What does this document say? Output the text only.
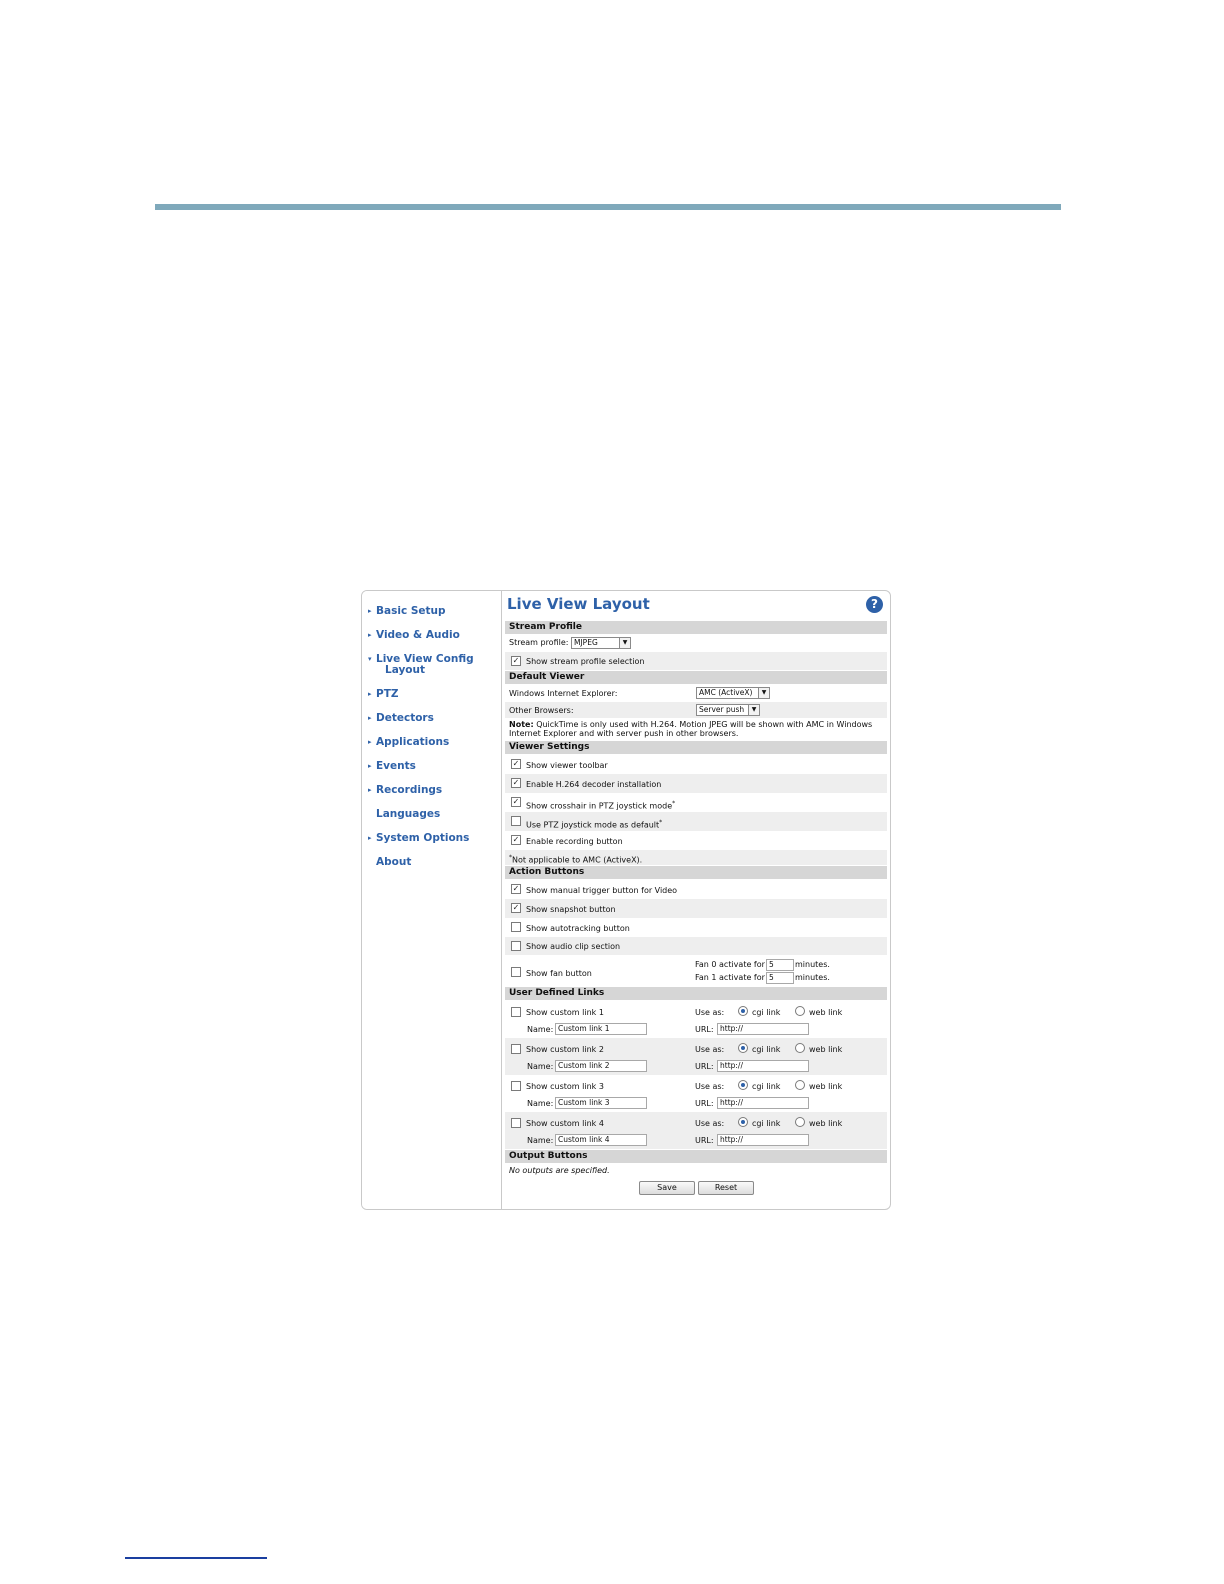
▸ Basic Setup
▸ Video & Audio
▾ Live View Config
Layout
▸ PTZ
▸ Detectors
▸ Applications
▸ Events
▸ Recordings
Languages
▸ System Options
About
Live View Layout	?
Stream Profile
Stream profile: MJPEG	▼
✓ Show stream profile selection
Default Viewer
Windows Internet Explorer:	AMC (ActiveX)	▼
Other Browsers:	Server push	▼
Note: QuickTime is only used with H.264. Motion JPEG will be shown with AMC in Windows
Internet Explorer and with server push in other browsers.
Viewer Settings
✓ Show viewer toolbar
✓ Enable H.264 decoder installation
✓
Show crosshair in PTZ joystick mode*
Use PTZ joystick mode as default*
✓ Enable recording button
*Not applicable to AMC (ActiveX).
Action Buttons
✓ Show manual trigger button for Video
✓ Show snapshot button
Show autotracking button
Show audio clip section
Show fan button
Fan 0 activate for 5	minutes.
Fan 1 activate for 5	minutes.
User Defined Links
Show custom link 1	Use as:	cgi link	web link
Name: Custom link 1	URL: http://
Show custom link 2	Use as:	cgi link	web link
Name: Custom link 2	URL: http://
Show custom link 3	Use as:	cgi link	web link
Name: Custom link 3	URL: http://
Show custom link 4	Use as:	cgi link	web link
Name: Custom link 4	URL: http://
Output Buttons
No outputs are specified.
Save	Reset
